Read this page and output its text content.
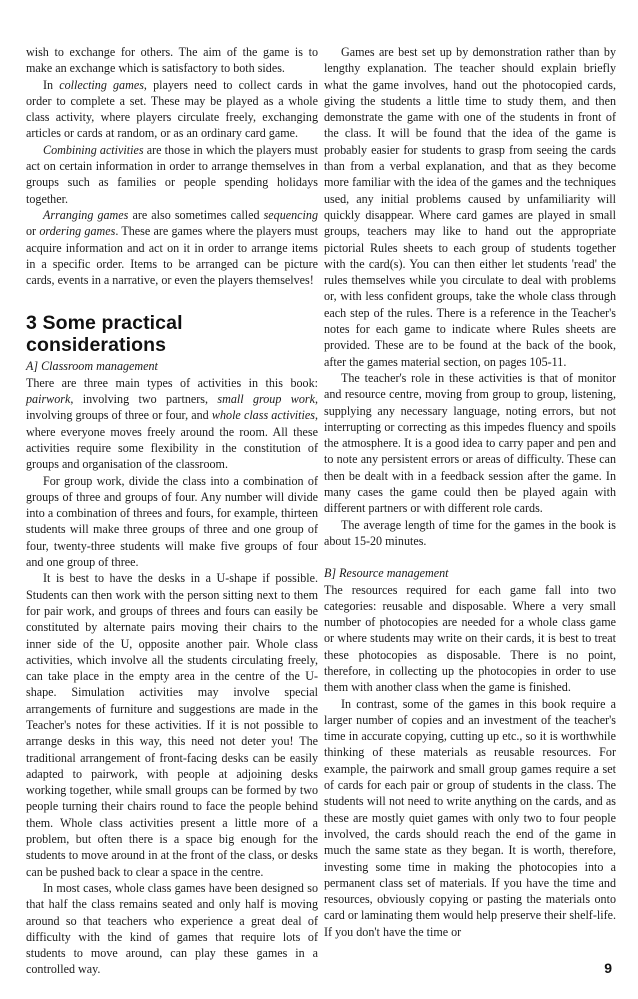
wish to exchange for others. The aim of the game is to make an exchange which is satisfactory to both sides.

In collecting games, players need to collect cards in order to complete a set. These may be played as a whole class activity, where players circulate freely, exchanging articles or cards at random, or as an ordinary card game.

Combining activities are those in which the players must act on certain information in order to arrange themselves in groups such as families or people spending holidays together.

Arranging games are also sometimes called sequencing or ordering games. These are games where the players must acquire information and act on it in order to arrange items in a specific order. Items to be arranged can be picture cards, events in a narrative, or even the players themselves!

3 Some practical considerations

A] Classroom management

There are three main types of activities in this book: pairwork, involving two partners, small group work, involving groups of three or four, and whole class activities, where everyone moves freely around the room. All these activities require some flexibility in the constitution of groups and organisation of the classroom.

For group work, divide the class into a combination of groups of three and groups of four. Any number will divide into a combination of threes and fours, for example, thirteen students will make three groups of three and one group of four, twenty-three students will make five groups of four and one group of three.

It is best to have the desks in a U-shape if possible. Students can then work with the person sitting next to them for pair work, and groups of threes and fours can easily be constituted by alternate pairs moving their chairs to the inner side of the U, opposite another pair. Whole class activities, which involve all the students circulating freely, can take place in the empty area in the centre of the U-shape. Simulation activities may involve special arrangements of furniture and suggestions are made in the Teacher's notes for these activities. If it is not possible to arrange desks in this way, this need not deter you! The traditional arrangement of front-facing desks can be easily adapted to pairwork, with people at adjoining desks working together, while small groups can be formed by two people turning their chairs round to face the people behind them. Whole class activities present a little more of a problem, but often there is a space big enough for the students to move around in at the front of the class, or desks can be pushed back to clear a space in the centre.

In most cases, whole class games have been designed so that half the class remains seated and only half is moving around so that teachers who experience a great deal of difficulty with the kind of games that require lots of students to move around, can play these games in a controlled way.

Games are best set up by demonstration rather than by lengthy explanation. The teacher should explain briefly what the game involves, hand out the photocopied cards, giving the students a little time to study them, and then demonstrate the game with one of the students in front of the class. It will be found that the idea of the game is probably easier for students to grasp from seeing the cards than from a verbal explanation, and that as they become more familiar with the idea of the games and the techniques used, any initial problems caused by unfamiliarity will quickly disappear. Where card games are played in small groups, teachers may like to hand out the appropriate pictorial Rules sheets to each group of students together with the card(s). You can then either let students 'read' the rules themselves while you circulate to deal with problems or, with less confident groups, take the whole class through each step of the rules. There is a reference in the Teacher's notes for each game to indicate where Rules sheets are provided. These are to be found at the back of the book, after the games material section, on pages 105-11.

The teacher's role in these activities is that of monitor and resource centre, moving from group to group, listening, supplying any necessary language, noting errors, but not interrupting or correcting as this impedes fluency and spoils the atmosphere. It is a good idea to carry paper and pen and to note any persistent errors or areas of difficulty. These can then be dealt with in a feedback session after the game. In many cases the game could then be played again with different partners or with different role cards.

The average length of time for the games in the book is about 15-20 minutes.

B] Resource management

The resources required for each game fall into two categories: reusable and disposable. Where a very small number of photocopies are needed for a whole class game or where students may write on their cards, it is best to treat these photocopies as disposable. There is no point, therefore, in collecting up the photocopies in order to use them with another class when the game is finished.

In contrast, some of the games in this book require a larger number of copies and an investment of the teacher's time in accurate copying, cutting up etc., so it is worthwhile thinking of these materials as reusable resources. For example, the pairwork and small group games require a set of cards for each pair or group of students in the class. The students will not need to write anything on the cards, and as these are mostly quiet games with only two to four people involved, the cards should reach the end of the game in much the same state as they began. It is worth, therefore, investing some time in making the photocopies into a permanent class set of materials. If you have the time and resources, obviously copying or pasting the materials onto card or laminating them would help preserve their shelf-life. If you don't have the time or

9
